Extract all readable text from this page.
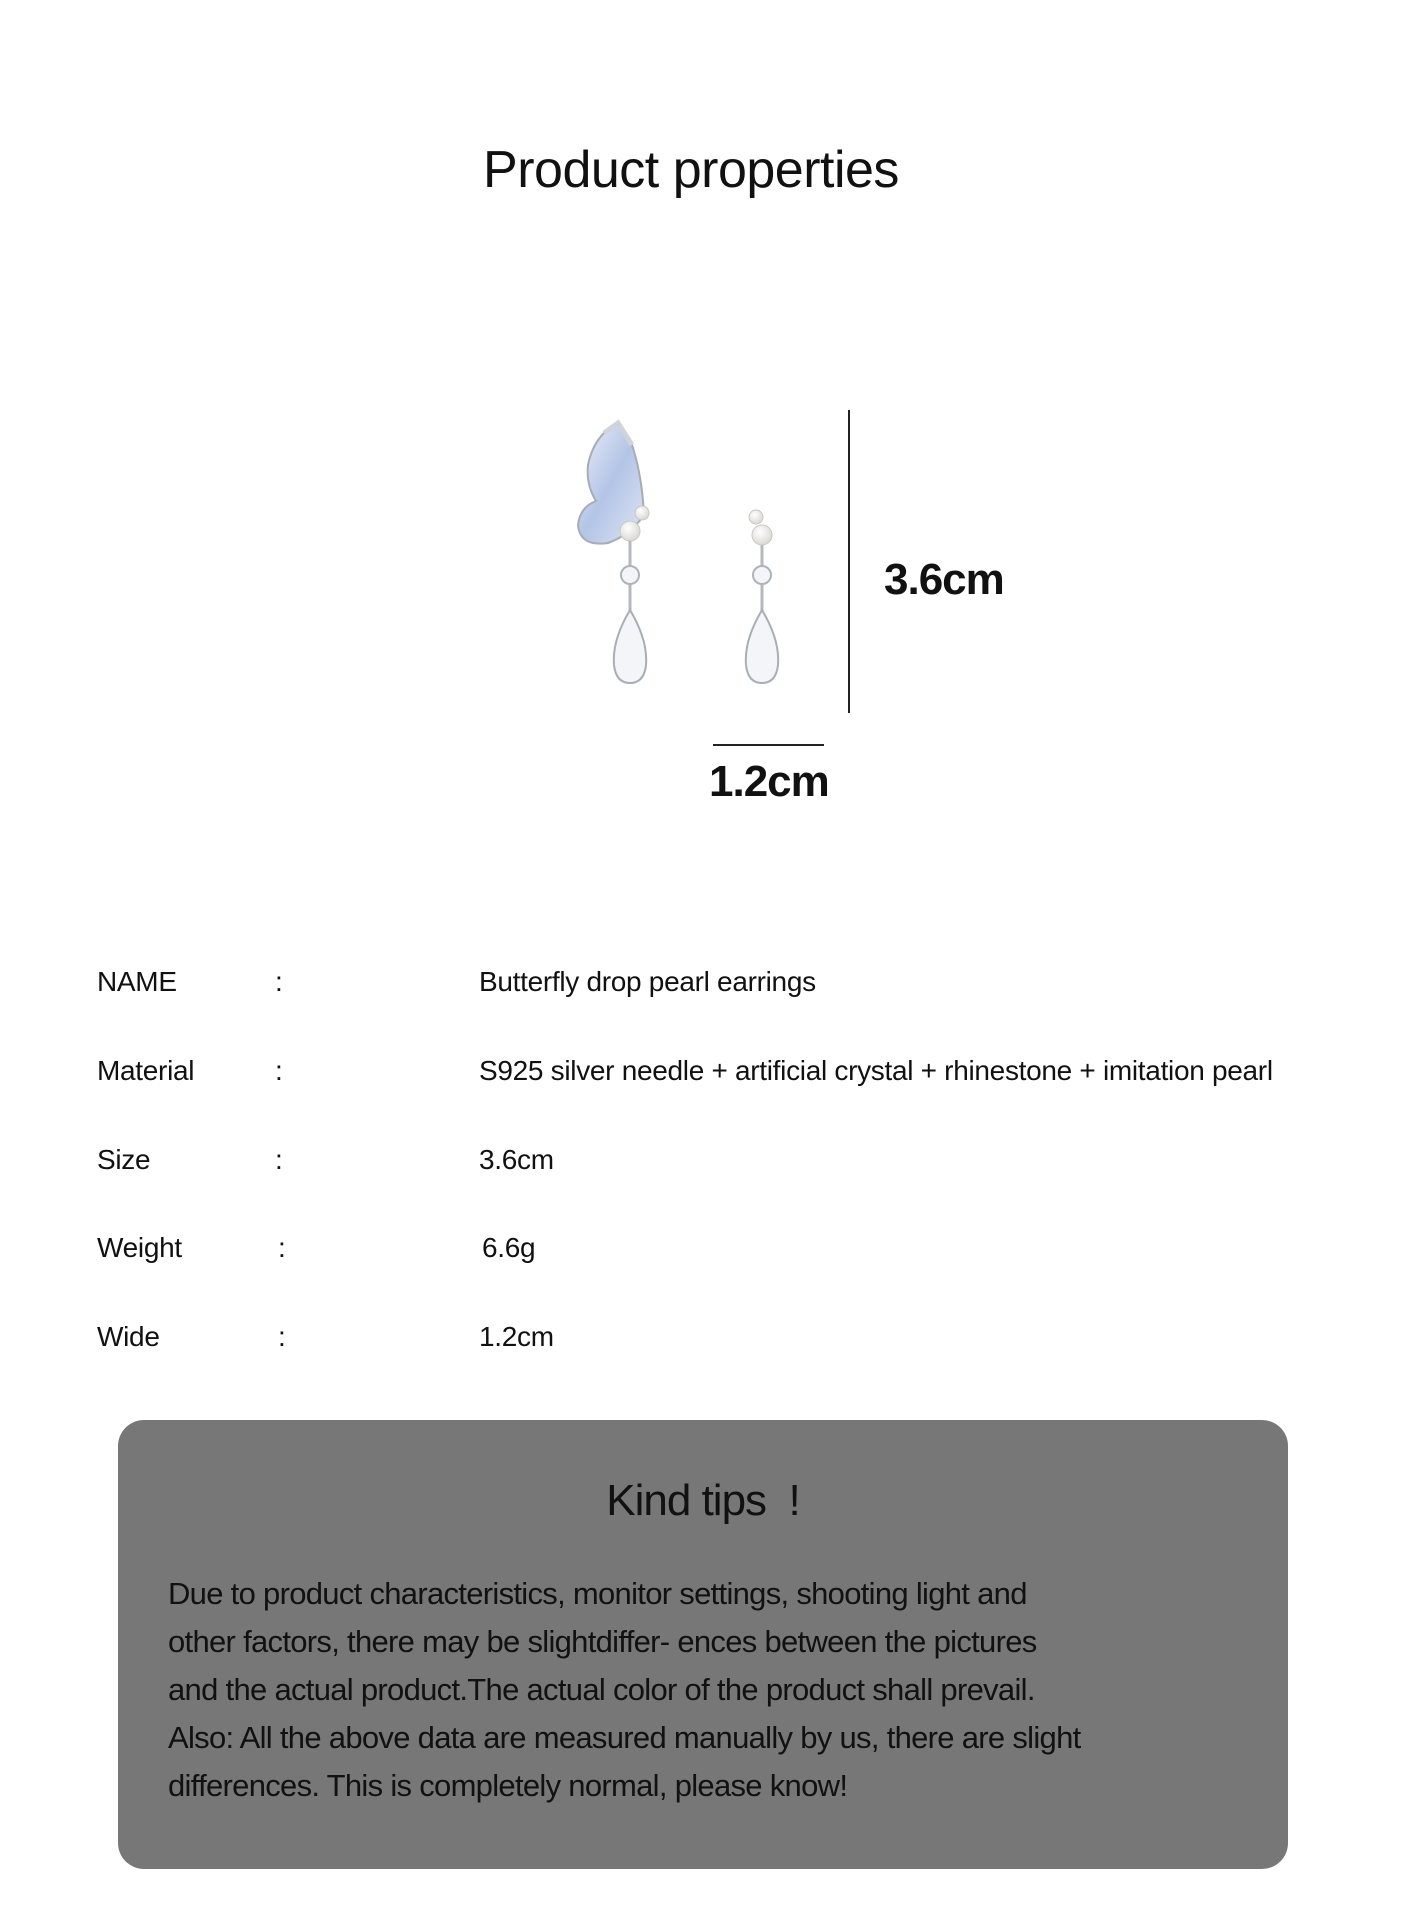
Product properties
3.6cm
1.2cm
NAME	:	Butterfly drop pearl earrings
Material	:	S925 silver needle + artificial crystal + rhinestone + imitation pearl
Size	:	3.6cm
Weight	:	6.6g
Wide	:	1.2cm
Kind tips  !
Due to product characteristics, monitor settings, shooting light and
other factors, there may be slightdiffer- ences between the pictures
and the actual product.The actual color of the product shall prevail.
Also: All the above data are measured manually by us, there are slight
differences. This is completely normal, please know!
